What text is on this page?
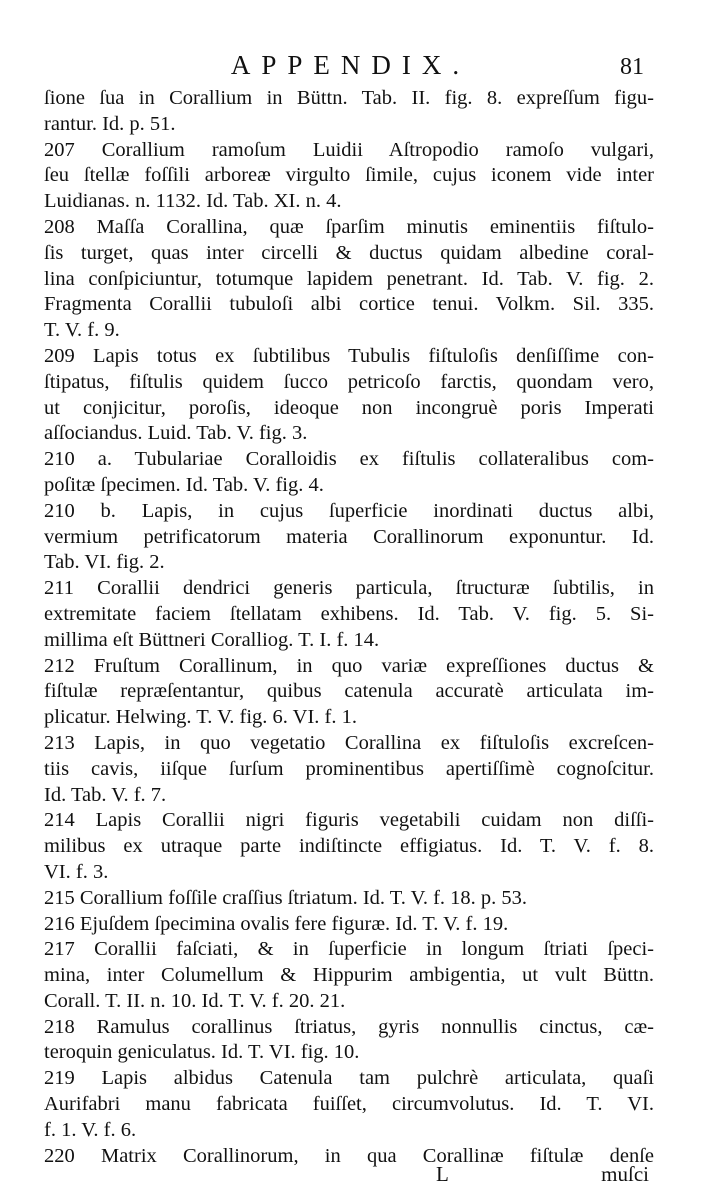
APPENDIX.	81
ſione ſua in Corallium in Büttn. Tab. II. fig. 8. expreſſum figu-
rantur. Id. p. 51.
207 Corallium ramoſum Luidii Aſtropodio ramoſo vulgari,
ſeu ſtellæ foſſili arboreæ virgulto ſimile, cujus iconem vide inter
Luidianas. n. 1132. Id. Tab. XI. n. 4.
208 Maſſa Corallina, quæ ſparſim minutis eminentiis fiſtulo-
ſis turget, quas inter circelli & ductus quidam albedine coral-
lina conſpiciuntur, totumque lapidem penetrant. Id. Tab. V. fig. 2.
Fragmenta Corallii tubuloſi albi cortice tenui. Volkm. Sil. 335.
T. V. f. 9.
209 Lapis totus ex ſubtilibus Tubulis fiſtuloſis denſiſſime con-
ſtipatus, fiſtulis quidem ſucco petricoſo farctis, quondam vero,
ut conjicitur, poroſis, ideoque non incongruè poris Imperati
aſſociandus. Luid. Tab. V. fig. 3.
210 a. Tubulariae Coralloidis ex fiſtulis collateralibus com-
poſitæ ſpecimen. Id. Tab. V. fig. 4.
210 b. Lapis, in cujus ſuperficie inordinati ductus albi,
vermium petrificatorum materia Corallinorum exponuntur. Id.
Tab. VI. fig. 2.
211 Corallii dendrici generis particula, ſtructuræ ſubtilis, in
extremitate faciem ſtellatam exhibens. Id. Tab. V. fig. 5. Si-
millima eſt Büttneri Coralliog. T. I. f. 14.
212 Fruſtum Corallinum, in quo variæ expreſſiones ductus &
fiſtulæ repræſentantur, quibus catenula accuratè articulata im-
plicatur. Helwing. T. V. fig. 6. VI. f. 1.
213 Lapis, in quo vegetatio Corallina ex fiſtuloſis excreſcen-
tiis cavis, iiſque ſurſum prominentibus apertiſſimè cognoſcitur.
Id. Tab. V. f. 7.
214 Lapis Corallii nigri figuris vegetabili cuidam non diſſi-
milibus ex utraque parte indiſtincte effigiatus. Id. T. V. f. 8.
VI. f. 3.
215 Corallium foſſile craſſius ſtriatum. Id. T. V. f. 18. p. 53.
216 Ejuſdem ſpecimina ovalis fere figuræ. Id. T. V. f. 19.
217 Corallii faſciati, & in ſuperficie in longum ſtriati ſpeci-
mina, inter Columellum & Hippurim ambigentia, ut vult Büttn.
Corall. T. II. n. 10. Id. T. V. f. 20. 21.
218 Ramulus corallinus ſtriatus, gyris nonnullis cinctus, cæ-
teroquin geniculatus. Id. T. VI. fig. 10.
219 Lapis albidus Catenula tam pulchrè articulata, quaſi
Aurifabri manu fabricata fuiſſet, circumvolutus. Id. T. VI.
f. 1. V. f. 6.
220 Matrix Corallinorum, in qua Corallinæ fiſtulæ denſe
L	muſci
